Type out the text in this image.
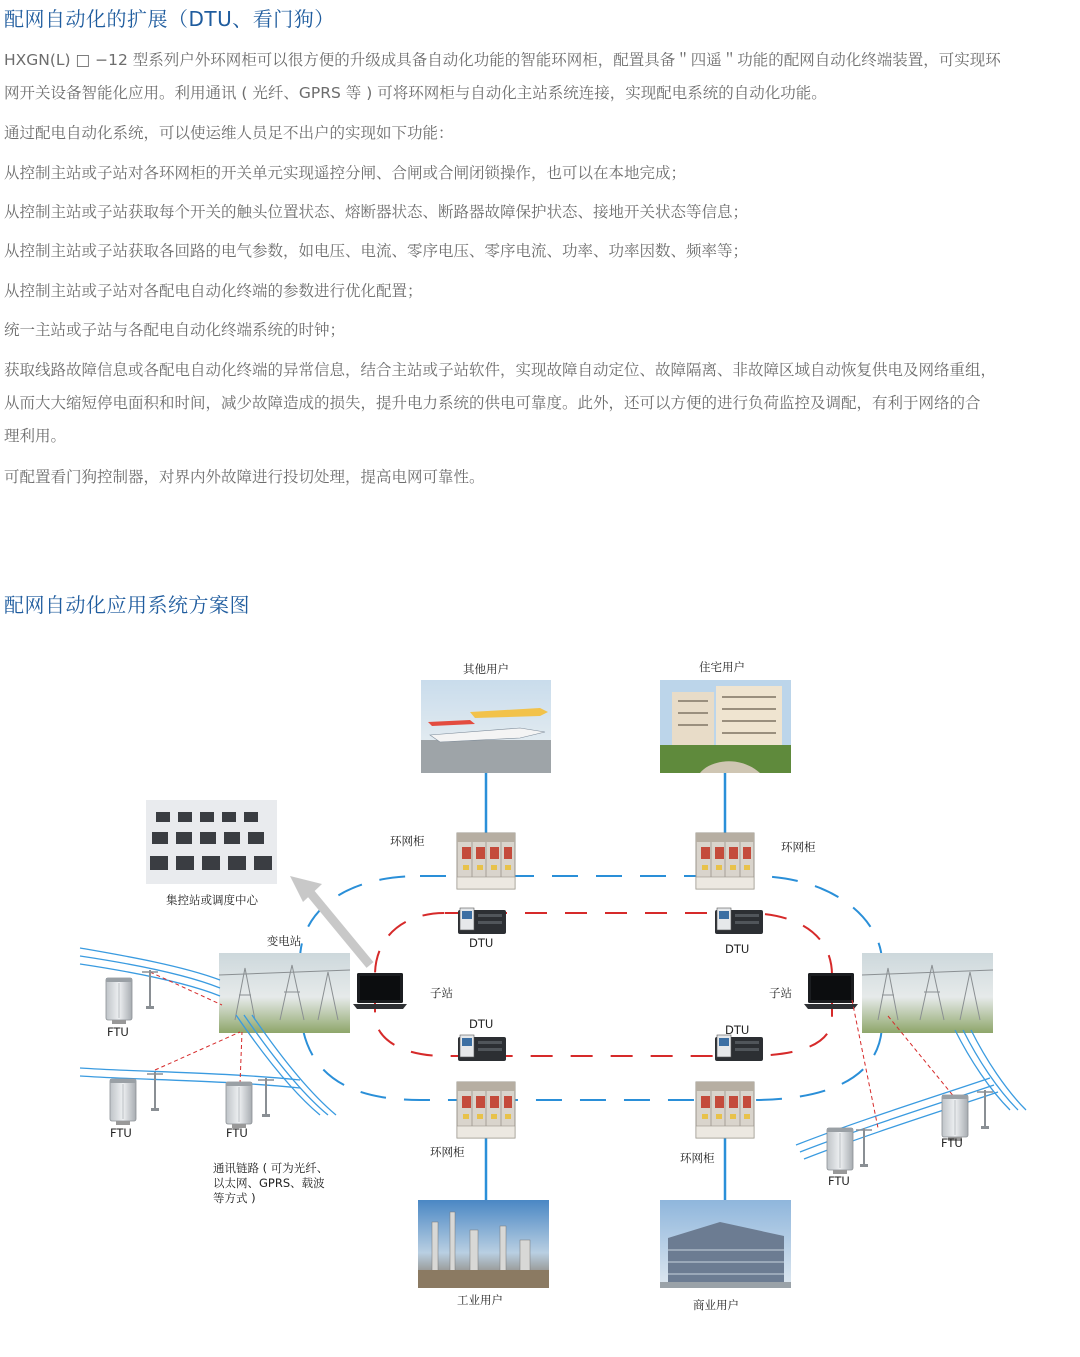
配网自动化的扩展（DTU、看门狗）
HXGN(L) □ −12 型系列户外环网柜可以很方便的升级成具备自动化功能的智能环网柜，配置具备＂四遥＂功能的配网自动化终端装置，可实现环
网开关设备智能化应用。利用通讯 ( 光纤、GPRS 等 ) 可将环网柜与自动化主站系统连接，实现配电系统的自动化功能。
通过配电自动化系统，可以使运维人员足不出户的实现如下功能：
从控制主站或子站对各环网柜的开关单元实现遥控分闸、合闸或合闸闭锁操作，也可以在本地完成；
从控制主站或子站获取每个开关的触头位置状态、熔断器状态、断路器故障保护状态、接地开关状态等信息；
从控制主站或子站获取各回路的电气参数，如电压、电流、零序电压、零序电流、功率、功率因数、频率等；
从控制主站或子站对各配电自动化终端的参数进行优化配置；
统一主站或子站与各配电自动化终端系统的时钟；
获取线路故障信息或各配电自动化终端的异常信息，结合主站或子站软件，实现故障自动定位、故障隔离、非故障区域自动恢复供电及网络重组，
从而大大缩短停电面积和时间，减少故障造成的损失，提升电力系统的供电可靠度。此外，还可以方便的进行负荷监控及调配，有利于网络的合
理利用。
可配置看门狗控制器，对界内外故障进行投切处理，提高电网可靠性。
配网自动化应用系统方案图
其他用户	住宅用户
工业用户	商业用户
环网柜	环网柜
环网柜	环网柜
DTU	DTU
DTU	DTU
集控站或调度中心
变电站
子站	子站
FTU
FTU	FTU
通讯链路 ( 可为光纤、
以太网、GPRS、载波
等方式 )
FTU
FTU
